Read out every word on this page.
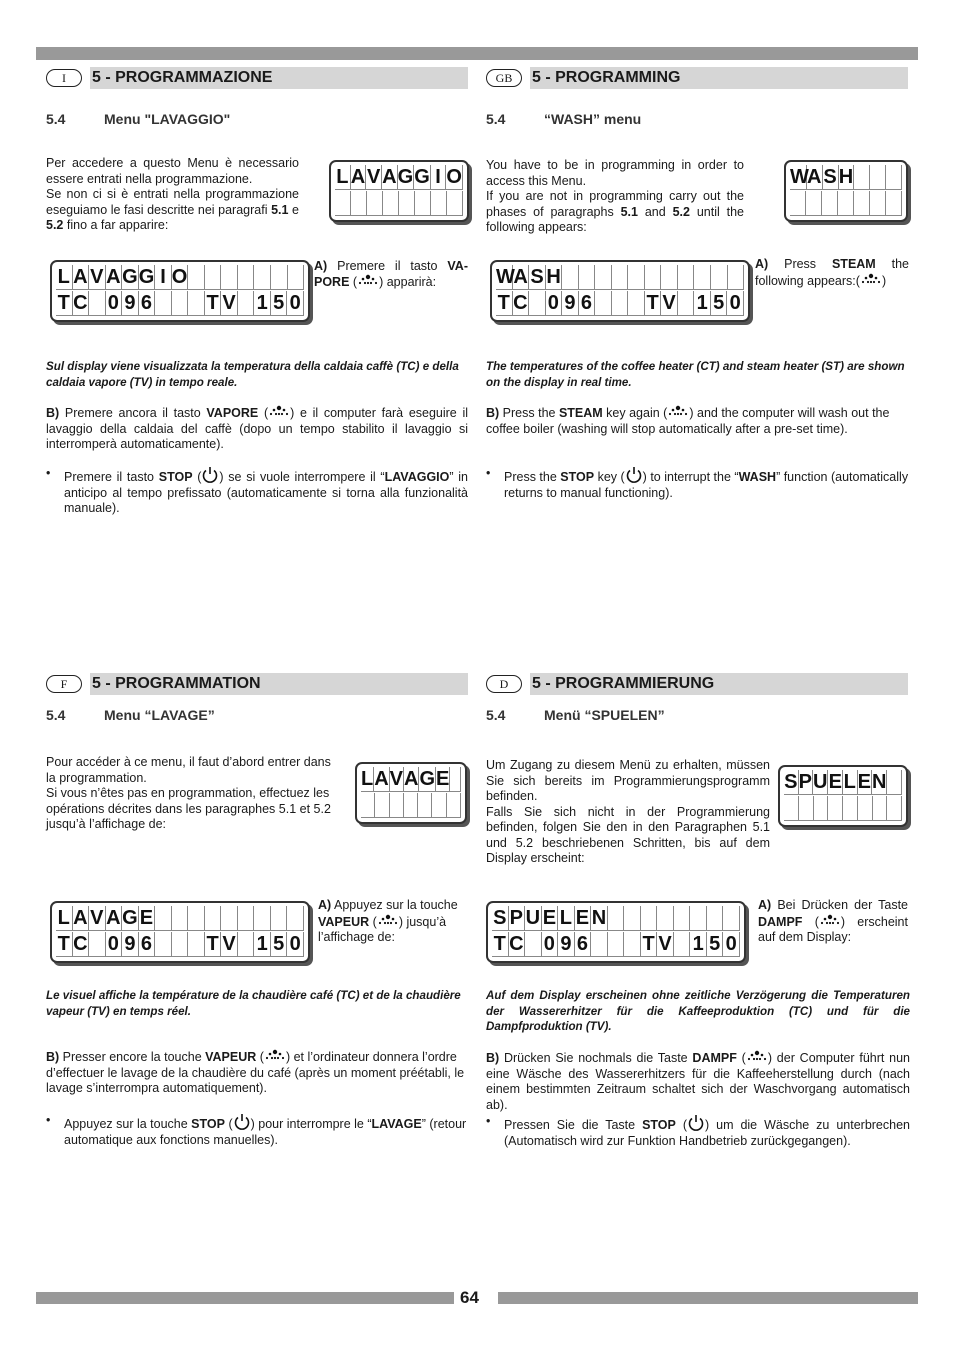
I	5 - PROGRAMMAZIONE
5.4	Menu "LAVAGGIO"
Per accedere a questo Menu è necessario essere entrati nella programmazione.
Se non ci si è entrati nella programmazione eseguiamo le fasi descritte nei paragrafi 5.1 e 5.2 fino a far apparire:
L A V A G G I O
L A V A G G I O
T C 0 9 6	T V 1 5 0
A) Premere il tasto VA-PORE ( ) apparirà:
Sul display viene visualizzata la temperatura della caldaia caffè (TC) e della caldaia vapore (TV) in tempo reale.
B) Premere ancora il tasto VAPORE ( ) e il computer farà eseguire il lavaggio della caldaia del caffè (dopo un tempo stabilito il lavaggio si interromperà automaticamente).
• Premere il tasto STOP ( ) se si vuole interrompere il “LAVAGGIO” in anticipo al tempo prefissato (automaticamente si torna alla funzionalità manuale).
GB	5 - PROGRAMMING
5.4	“WASH” menu
You have to be in programming in order to access this Menu.
If you are not in programming carry out the phases of paragraphs 5.1 and 5.2 until the following appears:
W
A S H
W
A S H
T C 0 9 6	T V 1 5 0
A) Press STEAM the following appears:( )
The temperatures of the coffee heater (CT) and steam heater (ST) are shown on the display in real time.
B) Press the STEAM key again ( ) and the computer will wash out the coffee boiler (washing will stop automatically after a pre-set time).
• Press the STOP key ( ) to interrupt the “WASH” function (automatically returns to manual functioning).
F	5 - PROGRAMMATION
5.4	Menu “LAVAGE”
Pour accéder à ce menu, il faut d’abord entrer dans la programmation.
Si vous n’êtes pas en programmation, effectuez les opérations décrites dans les paragraphes 5.1 et 5.2 jusqu’à l’affichage de:
L A V A G E
L A V A G E
T C 0 9 6	T V 1 5 0
A) Appuyez sur la touche VAPEUR ( ) jusqu’à l’affichage de:
Le visuel affiche la température de la chaudière café (TC) et de la chaudière vapeur (TV) en temps réel.
B) Presser encore la touche VAPEUR ( ) et l’ordinateur donnera l’ordre d’effectuer le lavage de la chaudière du café (après un moment préétabli, le lavage s’interrompra automatiquement).
• Appuyez sur la touche STOP ( ) pour interrompre le “LAVAGE” (retour automatique aux fonctions manuelles).
D	5 - PROGRAMMIERUNG
5.4	Menü “SPUELEN”
Um Zugang zu diesem Menü zu erhalten, müssen Sie sich bereits im Programmierungsprogramm befinden.
Falls Sie sich nicht in der Programmierung befinden, folgen Sie den in den Paragraphen 5.1 und 5.2 beschriebenen Schritten, bis auf dem Display erscheint:
S P U E L E N
S P U E L E N
T C 0 9 6	T V 1 5 0
A) Bei Drücken der Taste DAMPF ( ) erscheint auf dem Display:
Auf dem Display erscheinen ohne zeitliche Verzögerung die Temperaturen der Wassererhitzer für die Kaffeeproduktion (TC) und für die Dampfproduktion (TV).
B) Drücken Sie nochmals die Taste DAMPF ( ) der Computer führt nun eine Wäsche des Wassererhitzers für die Kaffeeherstellung durch (nach einem bestimmten Zeitraum schaltet sich der Waschvorgang automatisch ab).
• Pressen Sie die Taste STOP ( ) um die Wäsche zu unterbrechen (Automatisch wird zur Funktion Handbetrieb zurückgegangen).
64
